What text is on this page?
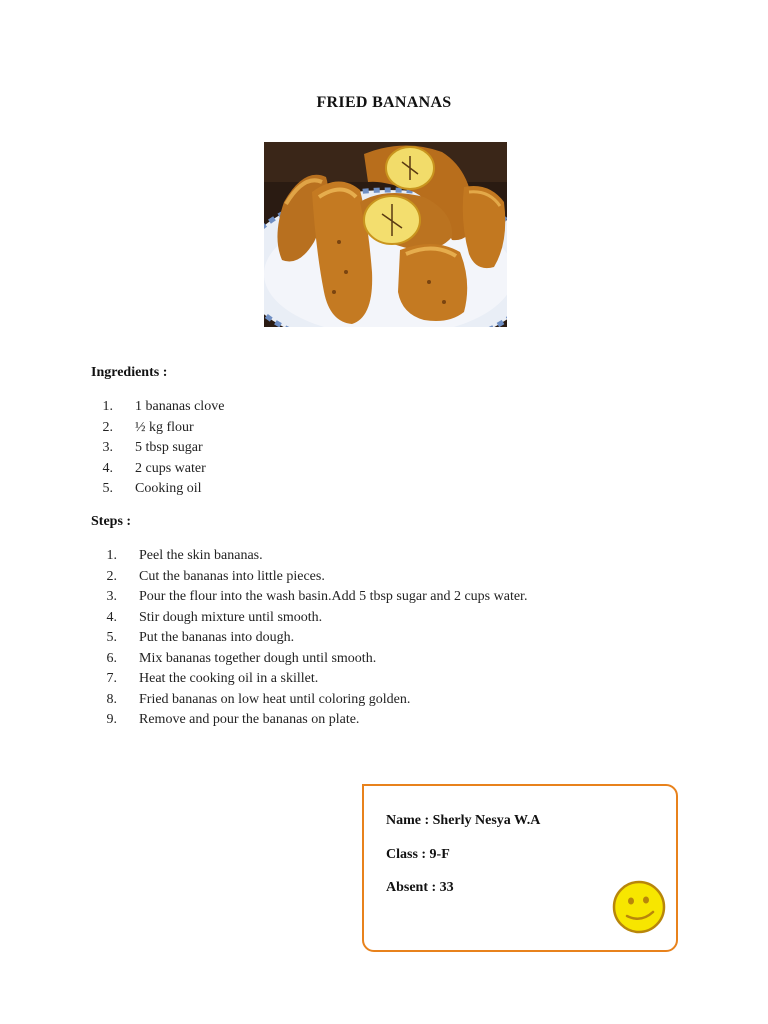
FRIED BANANAS
Ingredients :
1. 1 bananas clove
2. ½ kg flour
3. 5 tbsp sugar
4. 2 cups water
5. Cooking oil
Steps :
1. Peel the skin bananas.
2. Cut the bananas into little pieces.
3. Pour the flour into the wash basin.Add 5 tbsp sugar and 2 cups water.
4. Stir dough mixture until smooth.
5. Put the bananas into dough.
6. Mix bananas together dough until smooth.
7. Heat the cooking oil in a skillet.
8. Fried bananas on low heat until coloring golden.
9. Remove and pour the bananas on plate.
Name : Sherly Nesya W.A
Class : 9-F
Absent : 33
